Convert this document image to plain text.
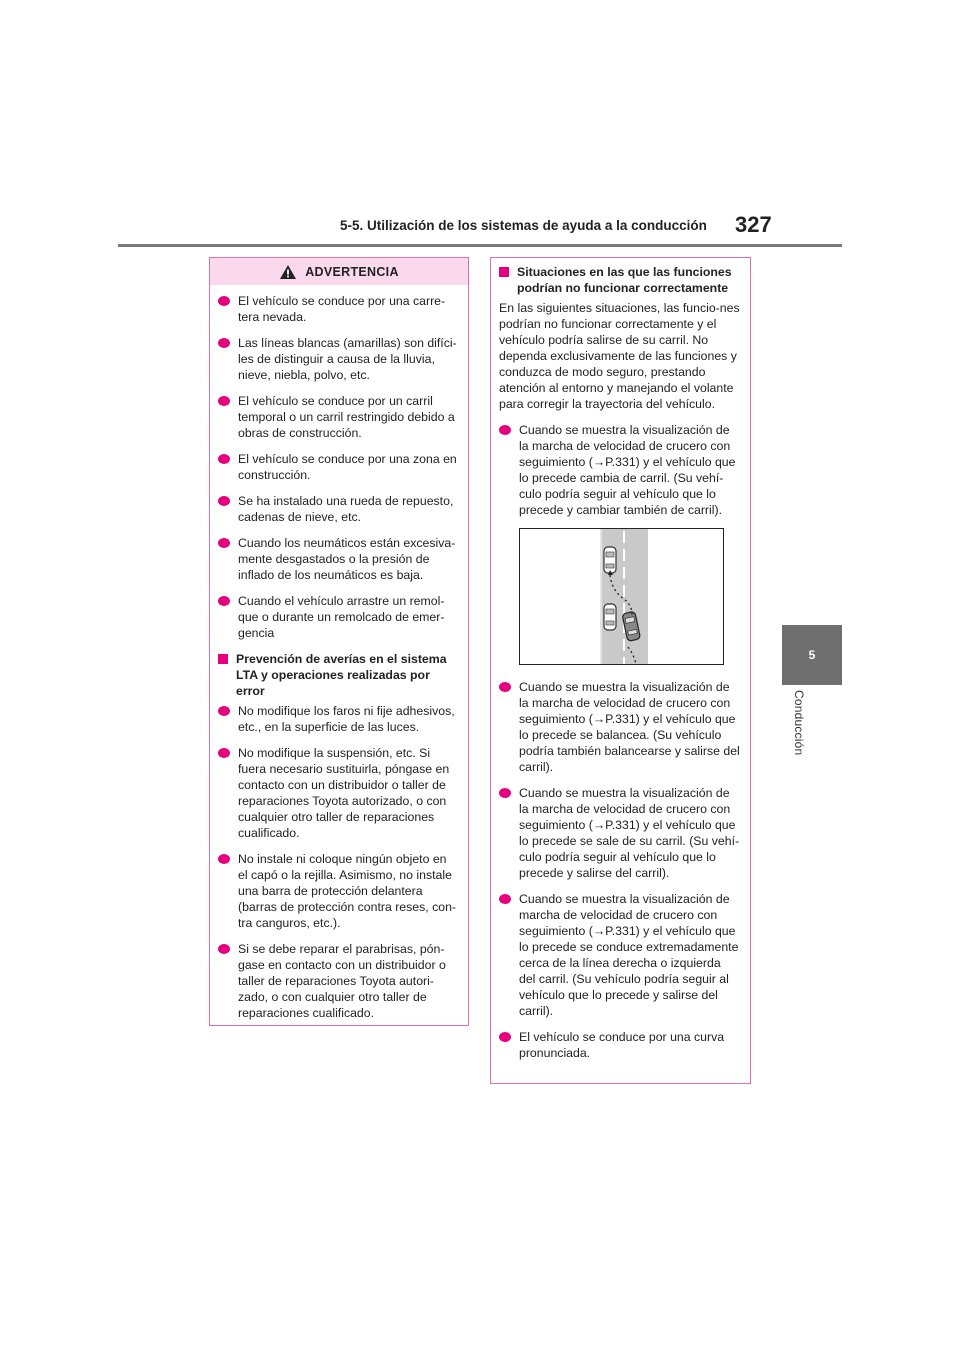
5-5. Utilización de los sistemas de ayuda a la conducción 327
5
Conducción
ADVERTENCIA
El vehículo se conduce por una carre-tera nevada.
Las líneas blancas (amarillas) son difíci-les de distinguir a causa de la lluvia, nieve, niebla, polvo, etc.
El vehículo se conduce por un carril temporal o un carril restringido debido a obras de construcción.
El vehículo se conduce por una zona en construcción.
Se ha instalado una rueda de repuesto, cadenas de nieve, etc.
Cuando los neumáticos están excesiva-mente desgastados o la presión de inflado de los neumáticos es baja.
Cuando el vehículo arrastre un remol-que o durante un remolcado de emer-gencia
Prevención de averías en el sistema LTA y operaciones realizadas por error
No modifique los faros ni fije adhesivos, etc., en la superficie de las luces.
No modifique la suspensión, etc. Si fuera necesario sustituirla, póngase en contacto con un distribuidor o taller de reparaciones Toyota autorizado, o con cualquier otro taller de reparaciones cualificado.
No instale ni coloque ningún objeto en el capó o la rejilla. Asimismo, no instale una barra de protección delantera (barras de protección contra reses, con-tra canguros, etc.).
Si se debe reparar el parabrisas, pón-gase en contacto con un distribuidor o taller de reparaciones Toyota autori-zado, o con cualquier otro taller de reparaciones cualificado.
Situaciones en las que las funciones podrían no funcionar correctamente
En las siguientes situaciones, las funcio-nes podrían no funcionar correctamente y el vehículo podría salirse de su carril. No dependa exclusivamente de las funciones y conduzca de modo seguro, prestando atención al entorno y manejando el volante para corregir la trayectoria del vehículo.
Cuando se muestra la visualización de la marcha de velocidad de crucero con seguimiento (→P.331) y el vehículo que lo precede cambia de carril. (Su vehí-culo podría seguir al vehículo que lo precede y cambiar también de carril).
Cuando se muestra la visualización de la marcha de velocidad de crucero con seguimiento (→P.331) y el vehículo que lo precede se balancea. (Su vehículo podría también balancearse y salirse del carril).
Cuando se muestra la visualización de la marcha de velocidad de crucero con seguimiento (→P.331) y el vehículo que lo precede se sale de su carril. (Su vehí-culo podría seguir al vehículo que lo precede y salirse del carril).
Cuando se muestra la visualización de marcha de velocidad de crucero con seguimiento (→P.331) y el vehículo que lo precede se conduce extremadamente cerca de la línea derecha o izquierda del carril. (Su vehículo podría seguir al vehículo que lo precede y salirse del carril).
El vehículo se conduce por una curva pronunciada.
